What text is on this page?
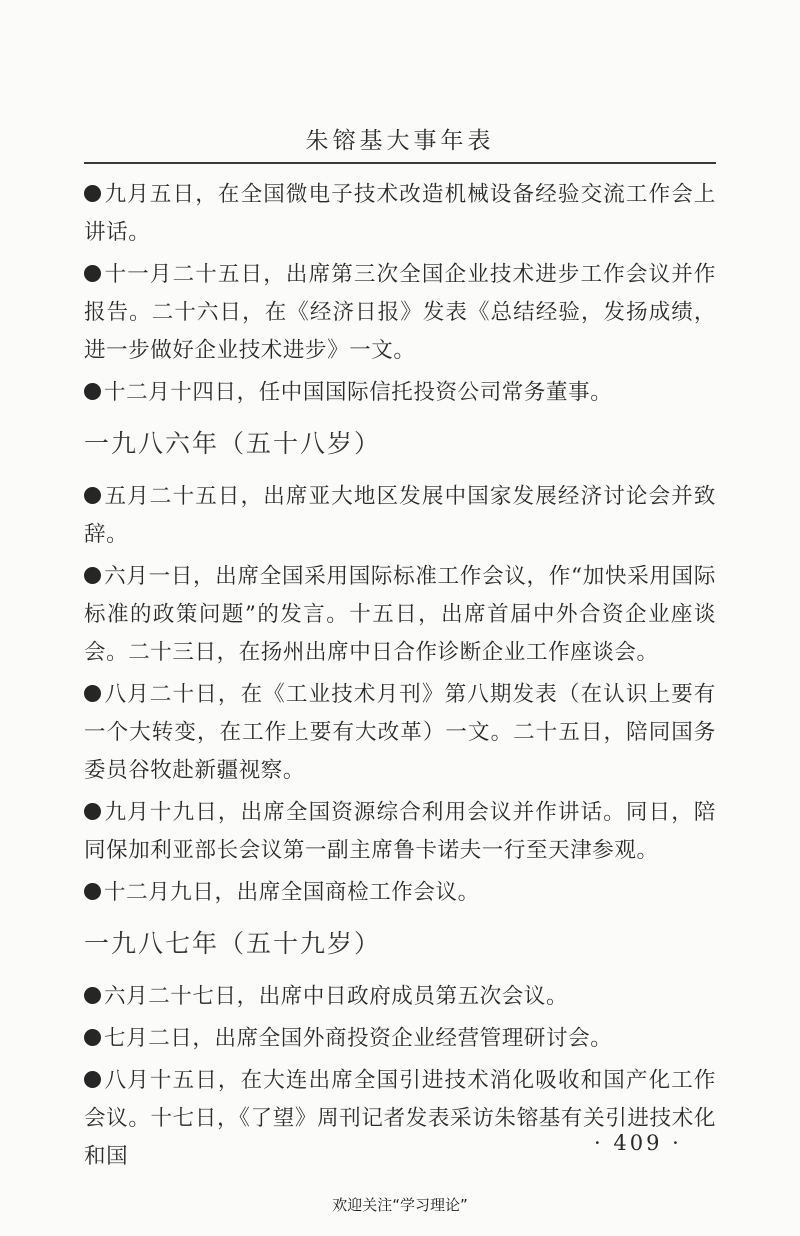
朱镕基大事年表

九月五日，在全国微电子技术改造机械设备经验交流工作会上讲话。

十一月二十五日，出席第三次全国企业技术进步工作会议并作报告。二十六日，在《经济日报》发表《总结经验，发扬成绩，进一步做好企业技术进步》一文。

十二月十四日，任中国国际信托投资公司常务董事。

一九八六年（五十八岁）

五月二十五日，出席亚大地区发展中国家发展经济讨论会并致辞。

六月一日，出席全国采用国际标准工作会议，作“加快采用国际标准的政策问题”的发言。十五日，出席首届中外合资企业座谈会。二十三日，在扬州出席中日合作诊断企业工作座谈会。

八月二十日，在《工业技术月刊》第八期发表（在认识上要有一个大转变，在工作上要有大改革）一文。二十五日，陪同国务委员谷牧赴新疆视察。

九月十九日，出席全国资源综合利用会议并作讲话。同日，陪同保加利亚部长会议第一副主席鲁卡诺夫一行至天津参观。

十二月九日，出席全国商检工作会议。

一九八七年（五十九岁）

六月二十七日，出席中日政府成员第五次会议。

七月二日，出席全国外商投资企业经营管理研讨会。

八月十五日，在大连出席全国引进技术消化吸收和国产化工作会议。十七日，《了望》周刊记者发表采访朱镕基有关引进技术化和国

· 409 ·
欢迎关注“学习理论”
